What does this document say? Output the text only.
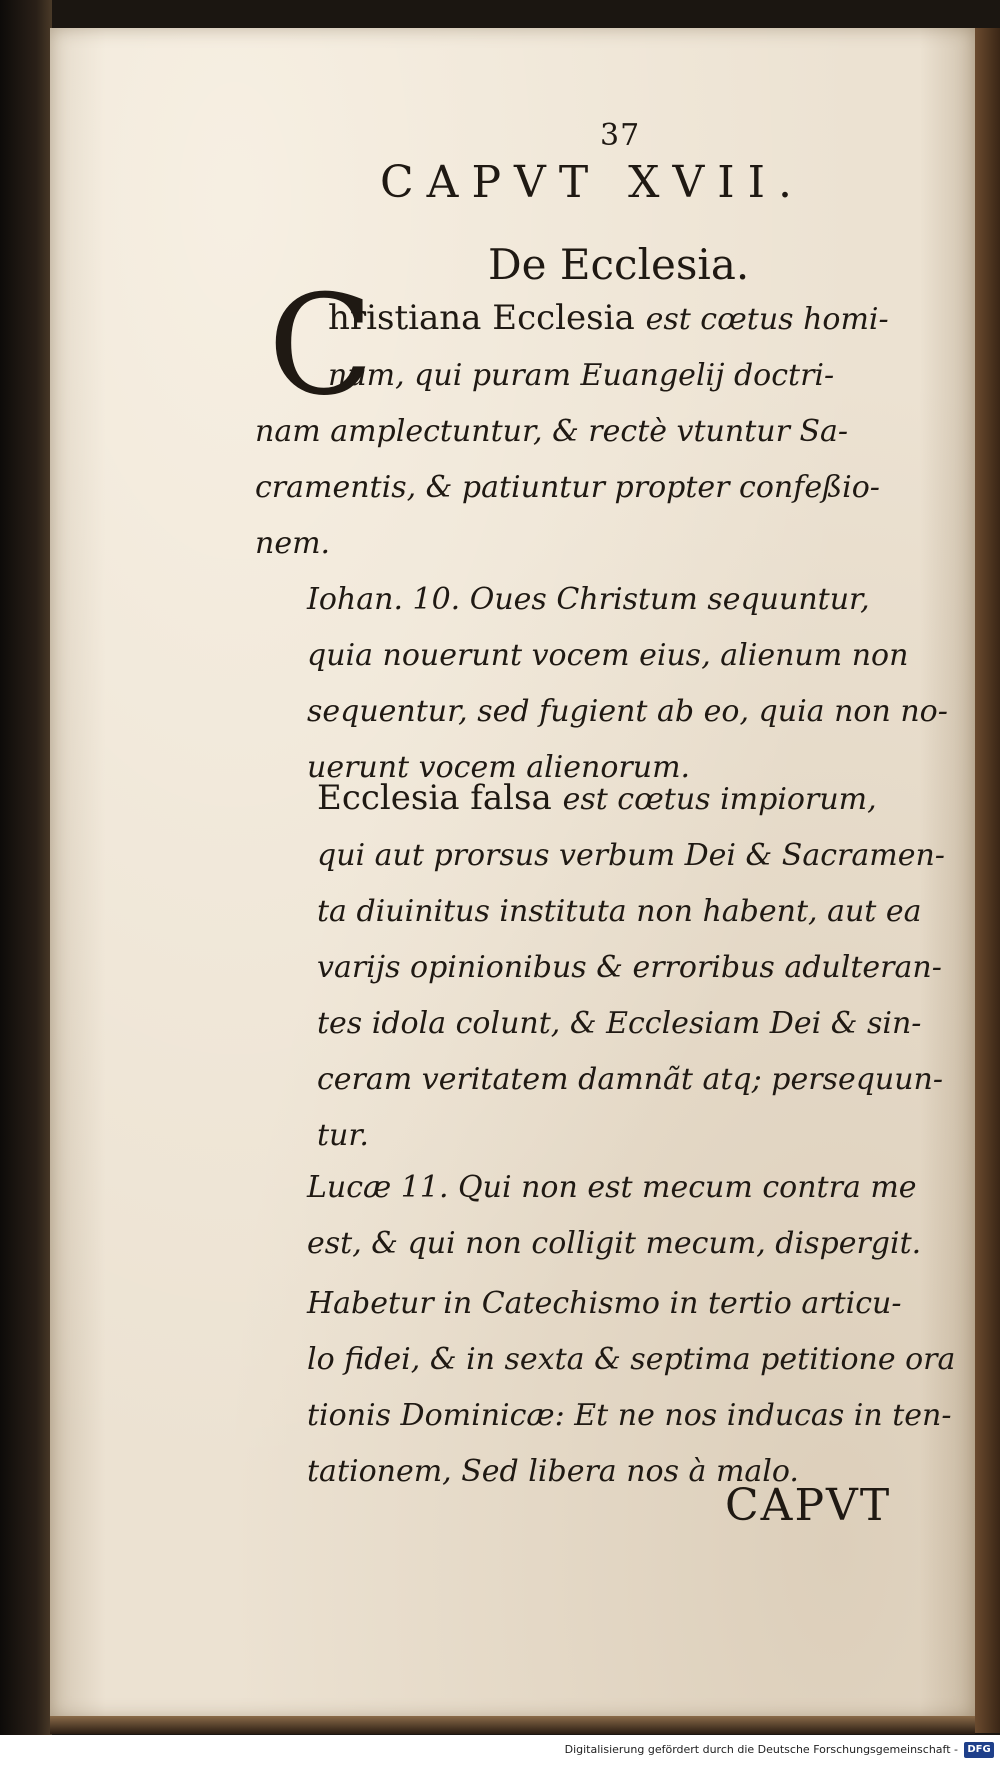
37
CAPVT XVII.
De Ecclesia.
C
hristiana Ecclesia est cœtus homi-
num, qui puram Euangelij doctri-
nam amplectuntur, & rectè vtuntur Sa-
cramentis, & patiuntur propter confeßio-
nem.
Iohan. 10. Oues Christum sequuntur,
quia nouerunt vocem eius, alienum non
sequentur, sed fugient ab eo, quia non no-
uerunt vocem alienorum.
Ecclesia falsa est cœtus impiorum,
qui aut prorsus verbum Dei & Sacramen-
ta diuinitus instituta non habent, aut ea
varijs opinionibus & erroribus adulteran-
tes idola colunt, & Ecclesiam Dei & sin-
ceram veritatem damnãt atq; persequun-
tur.
Lucæ 11. Qui non est mecum contra me
est, & qui non colligit mecum, dispergit.
Habetur in Catechismo in tertio articu-
lo fidei, & in sexta & septima petitione ora
tionis Dominicæ: Et ne nos inducas in ten-
tationem, Sed libera nos à malo.
CAPVT
Digitalisierung gefördert durch die Deutsche Forschungsgemeinschaft - DFG
